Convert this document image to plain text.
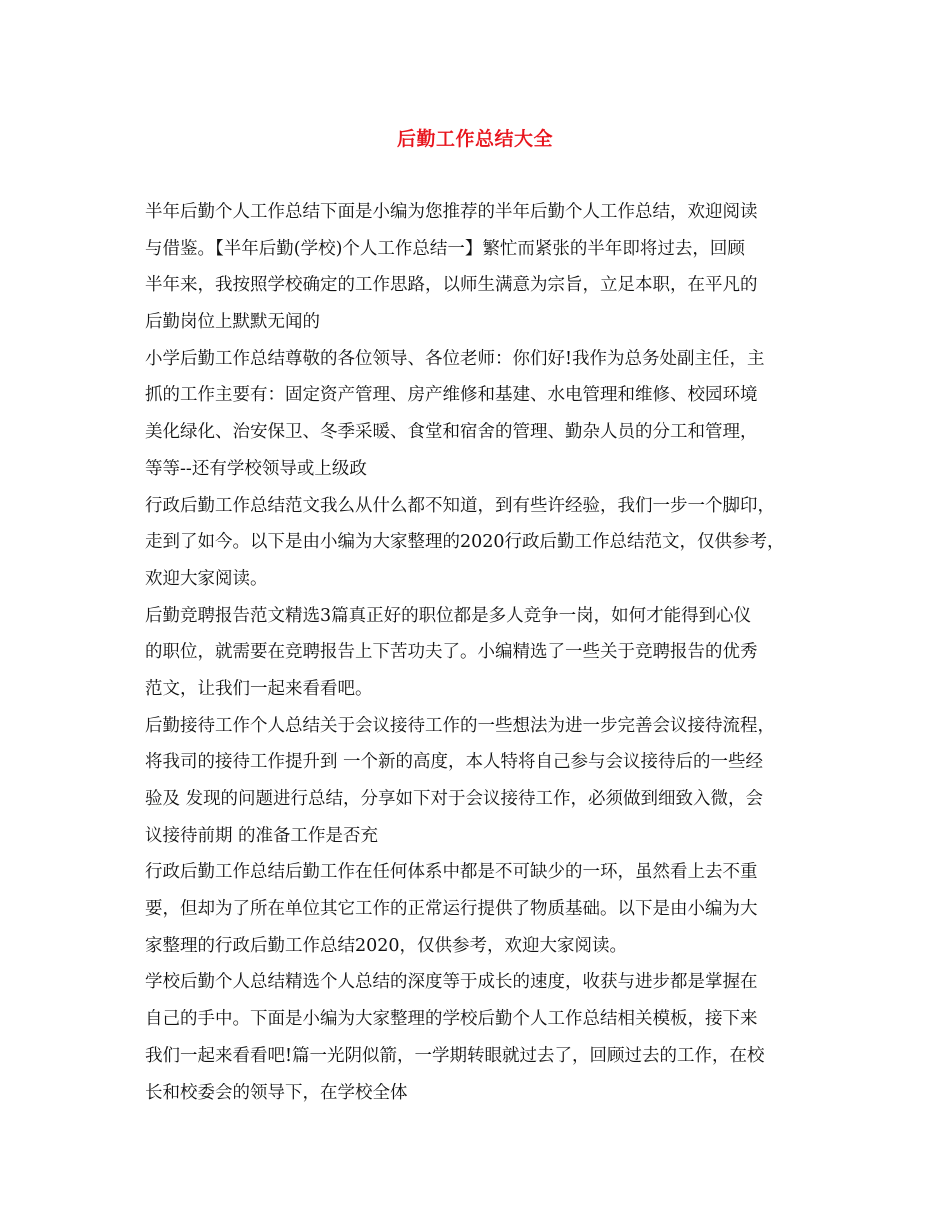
后勤工作总结大全
半年后勤个人工作总结下面是小编为您推荐的半年后勤个人工作总结，欢迎阅读
与借鉴。【半年后勤(学校)个人工作总结一】繁忙而紧张的半年即将过去，回顾
半年来，我按照学校确定的工作思路，以师生满意为宗旨，立足本职，在平凡的
后勤岗位上默默无闻的
小学后勤工作总结尊敬的各位领导、各位老师：你们好!我作为总务处副主任，主
抓的工作主要有：固定资产管理、房产维修和基建、水电管理和维修、校园环境
美化绿化、治安保卫、冬季采暖、食堂和宿舍的管理、勤杂人员的分工和管理，
等等--还有学校领导或上级政
行政后勤工作总结范文我么从什么都不知道，到有些许经验，我们一步一个脚印，
走到了如今。以下是由小编为大家整理的2020行政后勤工作总结范文，仅供参考，
欢迎大家阅读。
后勤竞聘报告范文精选3篇真正好的职位都是多人竞争一岗，如何才能得到心仪
的职位，就需要在竞聘报告上下苦功夫了。小编精选了一些关于竞聘报告的优秀
范文，让我们一起来看看吧。
后勤接待工作个人总结关于会议接待工作的一些想法为进一步完善会议接待流程，
将我司的接待工作提升到 一个新的高度，本人特将自己参与会议接待后的一些经
验及 发现的问题进行总结，分享如下对于会议接待工作，必须做到细致入微，会
议接待前期 的准备工作是否充
行政后勤工作总结后勤工作在任何体系中都是不可缺少的一环，虽然看上去不重
要，但却为了所在单位其它工作的正常运行提供了物质基础。以下是由小编为大
家整理的行政后勤工作总结2020，仅供参考，欢迎大家阅读。
学校后勤个人总结精选个人总结的深度等于成长的速度，收获与进步都是掌握在
自己的手中。下面是小编为大家整理的学校后勤个人工作总结相关模板，接下来
我们一起来看看吧!篇一光阴似箭，一学期转眼就过去了，回顾过去的工作，在校
长和校委会的领导下，在学校全体
